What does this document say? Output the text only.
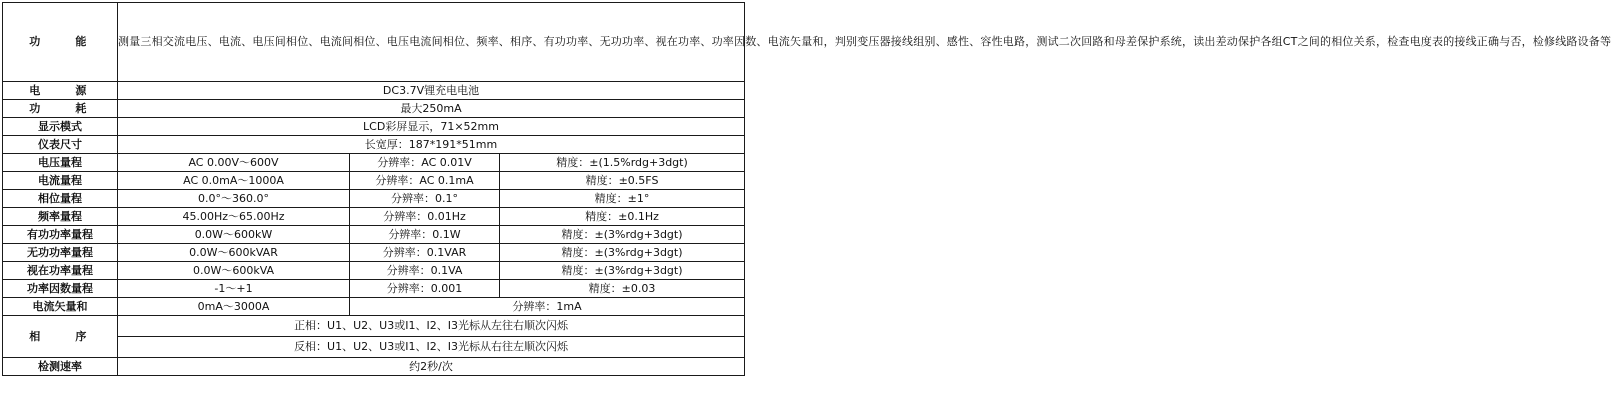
功　　能	测量三相交流电压、电流、电压间相位、电流间相位、电压电流间相位、频率、相序、有功功率、无功功率、视在功率、功率因数、电流矢量和，判别变压器接线组别、感性、容性电路，测试二次回路和母差保护系统，读出差动保护各组CT之间的相位关系，检查电度表的接线正确与否，检修线路设备等		
电　　源	DC3.7V锂充电电池		
功　　耗	最大250mA		
显示模式	LCD彩屏显示，71×52mm		
仪表尺寸	长宽厚：187*191*51mm		
电压量程	AC 0.00V～600V	分辨率：AC 0.01V	精度：±(1.5%rdg+3dgt)
电流量程	AC 0.0mA～1000A	分辨率：AC 0.1mA	精度：±0.5FS
相位量程	0.0°～360.0°	分辨率：0.1°	精度：±1°
频率量程	45.00Hz～65.00Hz	分辨率：0.01Hz	精度：±0.1Hz
有功功率量程	0.0W～600kW	分辨率：0.1W	精度：±(3%rdg+3dgt)
无功功率量程	0.0W～600kVAR	分辨率：0.1VAR	精度：±(3%rdg+3dgt)
视在功率量程	0.0W～600kVA	分辨率：0.1VA	精度：±(3%rdg+3dgt)
功率因数量程	-1～+1	分辨率：0.001	精度：±0.03
电流矢量和	0mA～3000A	分辨率：1mA	
相　　序	正相：U1、U2、U3或I1、I2、I3光标从左往右顺次闪烁		
	反相：U1、U2、U3或I1、I2、I3光标从右往左顺次闪烁		
检测速率	约2秒/次		
